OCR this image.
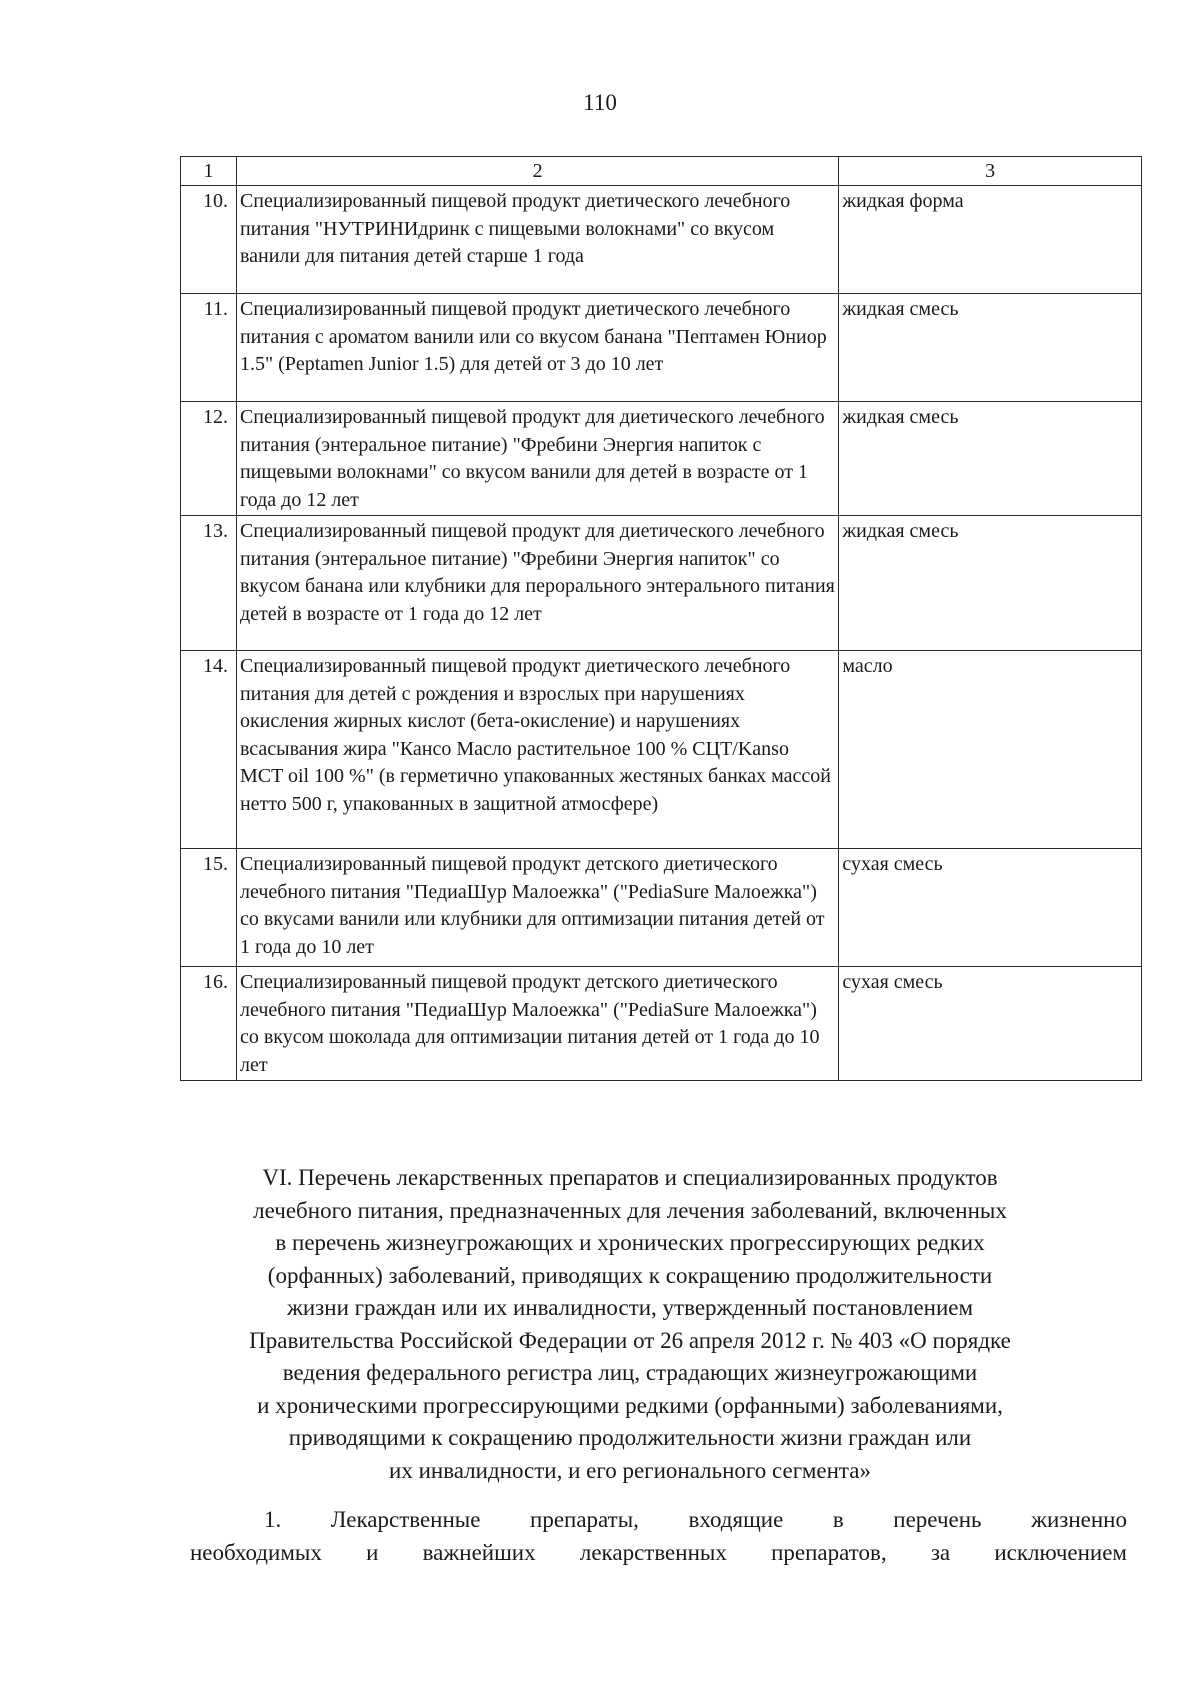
110
1	2	3
10.	Специализированный пищевой продукт диетического лечебного питания "НУТРИНИдринк с пищевыми волокнами" со вкусом ванили для питания детей старше 1 года	жидкая форма
11.	Специализированный пищевой продукт диетического лечебного питания с ароматом ванили или со вкусом банана "Пептамен Юниор 1.5" (Peptamen Junior 1.5) для детей от 3 до 10 лет	жидкая смесь
12.	Специализированный пищевой продукт для диетического лечебного питания (энтеральное питание) "Фребини Энергия напиток с пищевыми волокнами" со вкусом ванили для детей в возрасте от 1 года до 12 лет	жидкая смесь
13.	Специализированный пищевой продукт для диетического лечебного питания (энтеральное питание) "Фребини Энергия напиток" со вкусом банана или клубники для перорального энтерального питания детей в возрасте от 1 года до 12 лет	жидкая смесь
14.	Специализированный пищевой продукт диетического лечебного питания для детей с рождения и взрослых при нарушениях окисления жирных кислот (бета-окисление) и нарушениях всасывания жира "Кансо Масло растительное 100 % СЦТ/Kanso MCT oil 100 %" (в герметично упакованных жестяных банках массой нетто 500 г, упакованных в защитной атмосфере)	масло
15.	Специализированный пищевой продукт детского диетического лечебного питания "ПедиаШур Малоежка" ("PediaSure Малоежка") со вкусами ванили или клубники для оптимизации питания детей от 1 года до 10 лет	сухая смесь
16.	Специализированный пищевой продукт детского диетического лечебного питания "ПедиаШур Малоежка" ("PediaSure Малоежка") со вкусом шоколада для оптимизации питания детей от 1 года до 10 лет	сухая смесь
VI. Перечень лекарственных препаратов и специализированных продуктов
лечебного питания, предназначенных для лечения заболеваний, включенных
в перечень жизнеугрожающих и хронических прогрессирующих редких
(орфанных) заболеваний, приводящих к сокращению продолжительности
жизни граждан или их инвалидности, утвержденный постановлением
Правительства Российской Федерации от 26 апреля 2012 г. № 403 «О порядке
ведения федерального регистра лиц, страдающих жизнеугрожающими
и хроническими прогрессирующими редкими (орфанными) заболеваниями,
приводящими к сокращению продолжительности жизни граждан или
их инвалидности, и его регионального сегмента»
1. Лекарственные препараты, входящие в перечень жизненно
необходимых и важнейших лекарственных препаратов, за исключением
